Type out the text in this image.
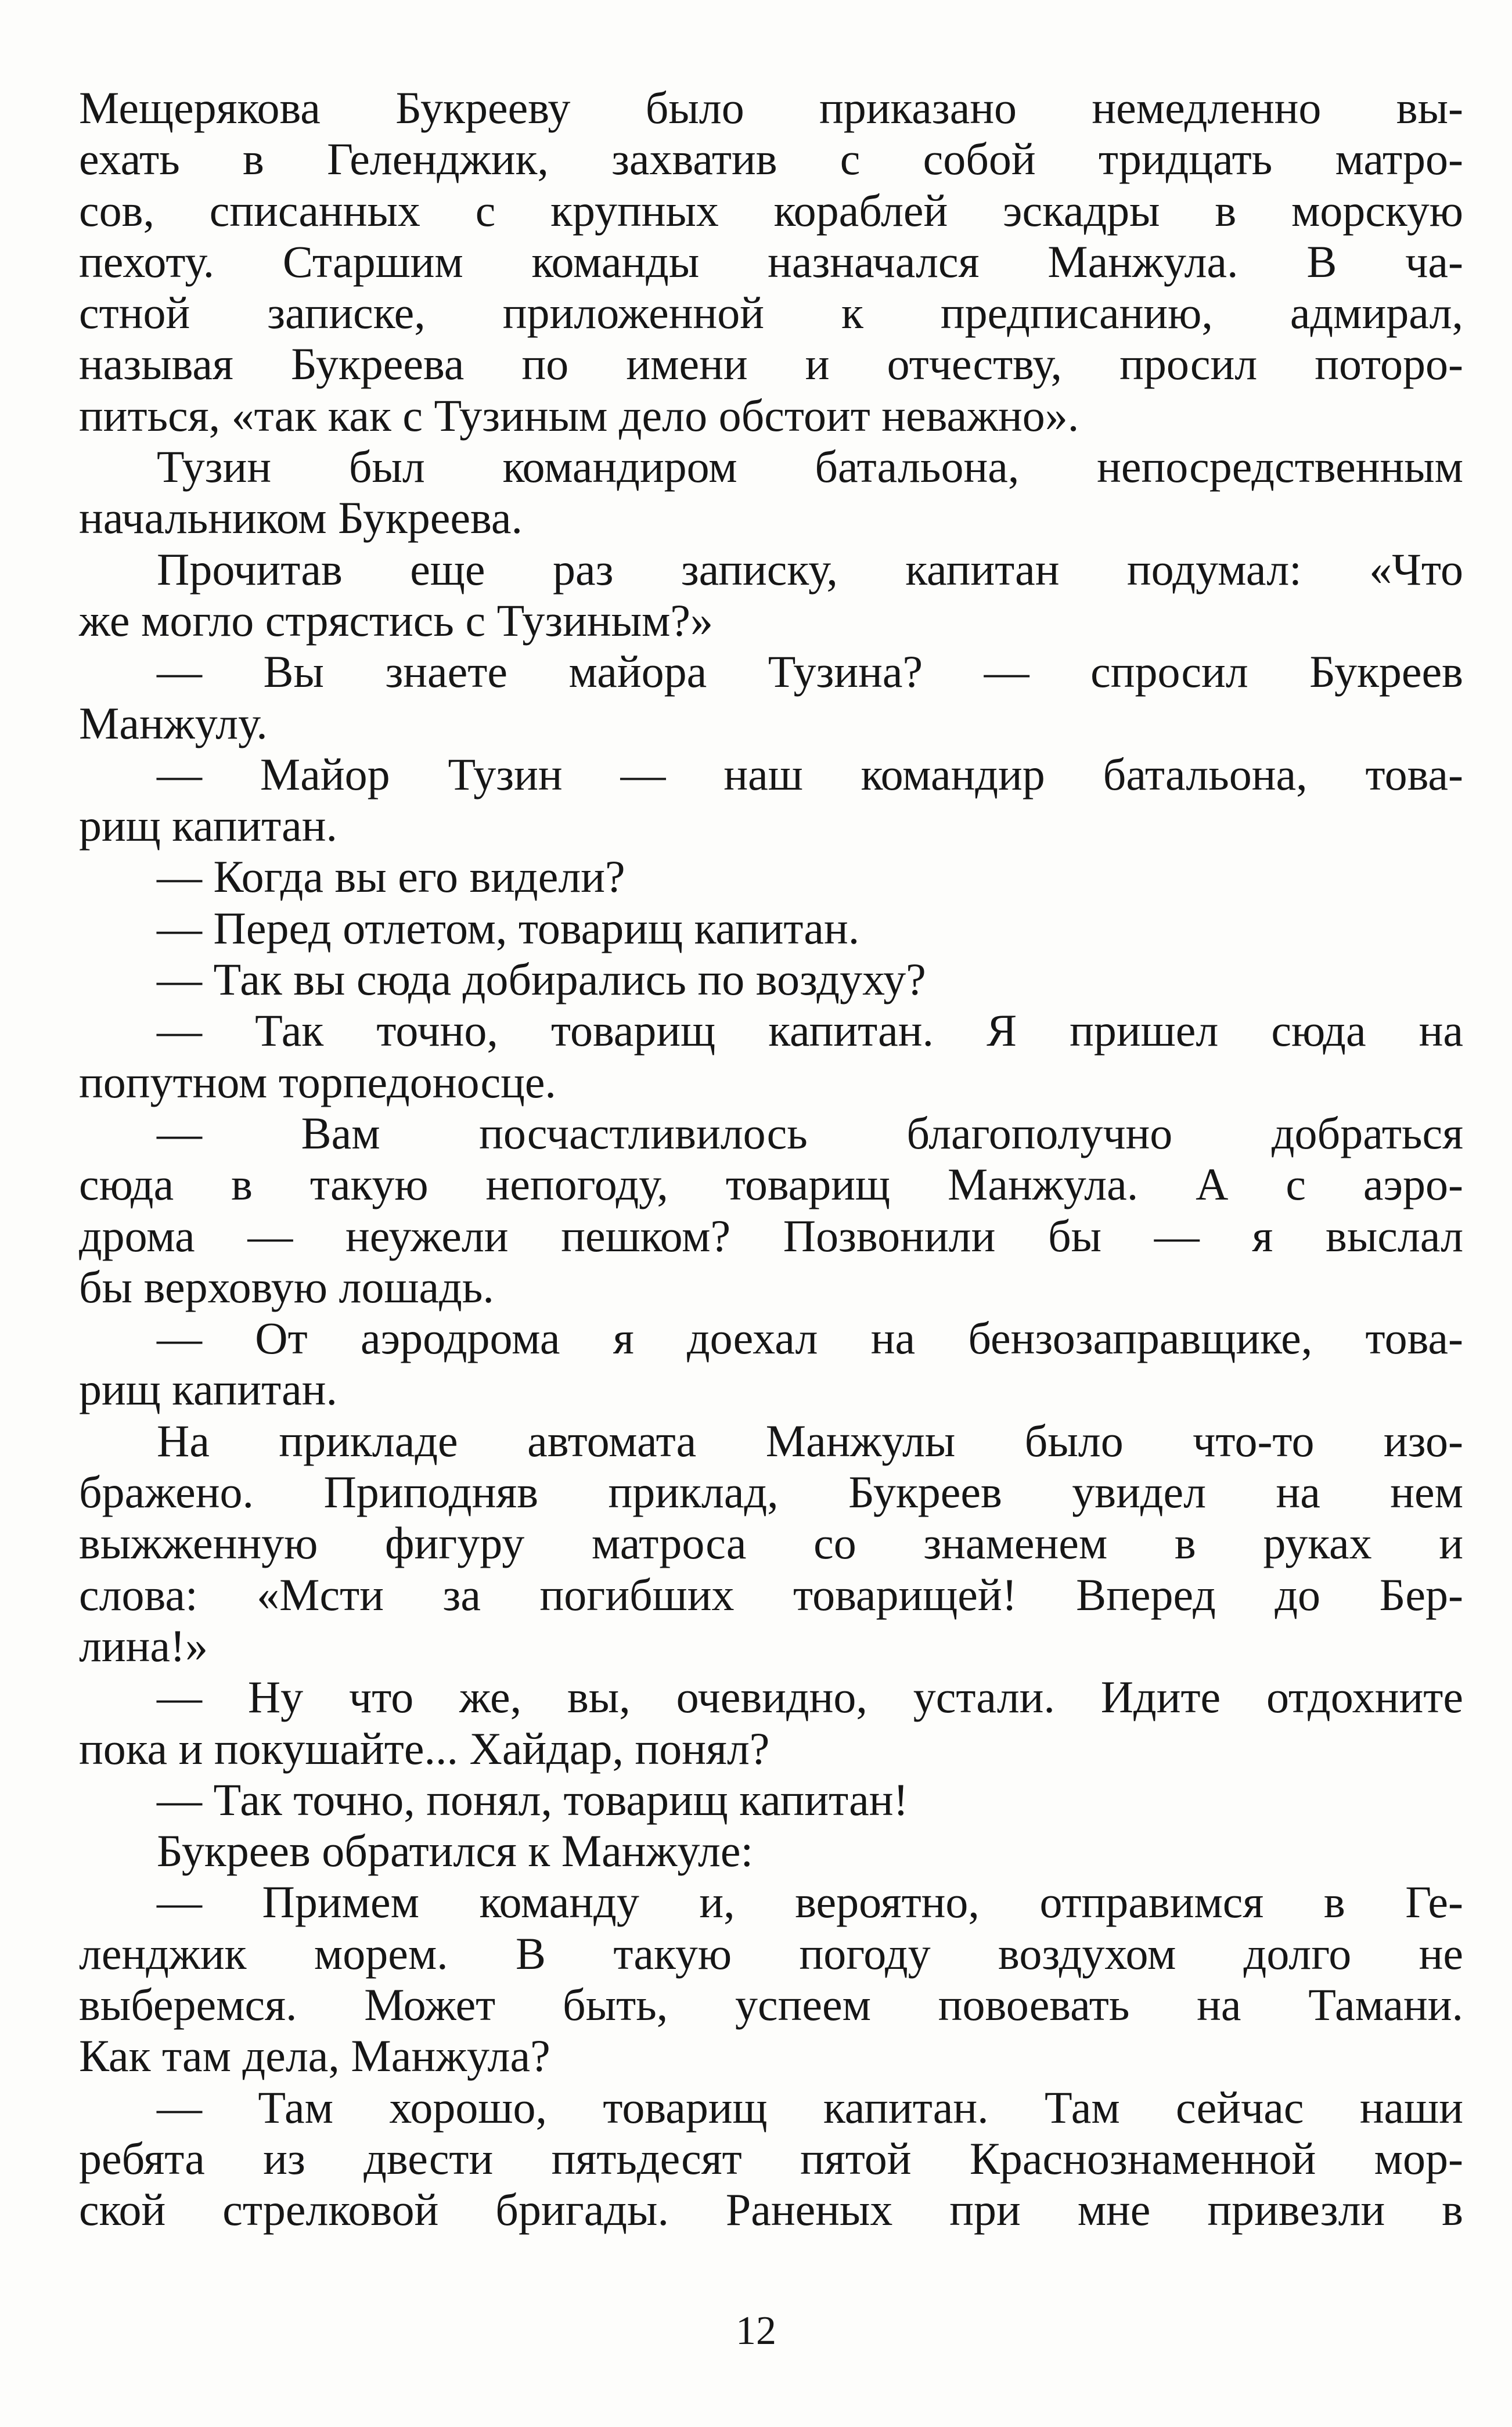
Мещерякова Букрееву было приказано немедленно вы-
ехать в Геленджик, захватив с собой тридцать матро-
сов, списанных с крупных кораблей эскадры в морскую
пехоту. Старшим команды назначался Манжула. В ча-
стной записке, приложенной к предписанию, адмирал,
называя Букреева по имени и отчеству, просил поторо-
питься, «так как с Тузиным дело обстоит неважно».
Тузин был командиром батальона, непосредственным
начальником Букреева.
Прочитав еще раз записку, капитан подумал: «Что
же могло стрястись с Тузиным?»
— Вы знаете майора Тузина? — спросил Букреев
Манжулу.
— Майор Тузин — наш командир батальона, това-
рищ капитан.
— Когда вы его видели?
— Перед отлетом, товарищ капитан.
— Так вы сюда добирались по воздуху?
— Так точно, товарищ капитан. Я пришел сюда на
попутном торпедоносце.
— Вам посчастливилось благополучно добраться
сюда в такую непогоду, товарищ Манжула. А с аэро-
дрома — неужели пешком? Позвонили бы — я выслал
бы верховую лошадь.
— От аэродрома я доехал на бензозаправщике, това-
рищ капитан.
На прикладе автомата Манжулы было что-то изо-
бражено. Приподняв приклад, Букреев увидел на нем
выжженную фигуру матроса со знаменем в руках и
слова: «Мсти за погибших товарищей! Вперед до Бер-
лина!»
— Ну что же, вы, очевидно, устали. Идите отдохните
пока и покушайте... Хайдар, понял?
— Так точно, понял, товарищ капитан!
Букреев обратился к Манжуле:
— Примем команду и, вероятно, отправимся в Ге-
ленджик морем. В такую погоду воздухом долго не
выберемся. Может быть, успеем повоевать на Тамани.
Как там дела, Манжула?
— Там хорошо, товарищ капитан. Там сейчас наши
ребята из двести пятьдесят пятой Краснознаменной мор-
ской стрелковой бригады. Раненых при мне привезли в
12
